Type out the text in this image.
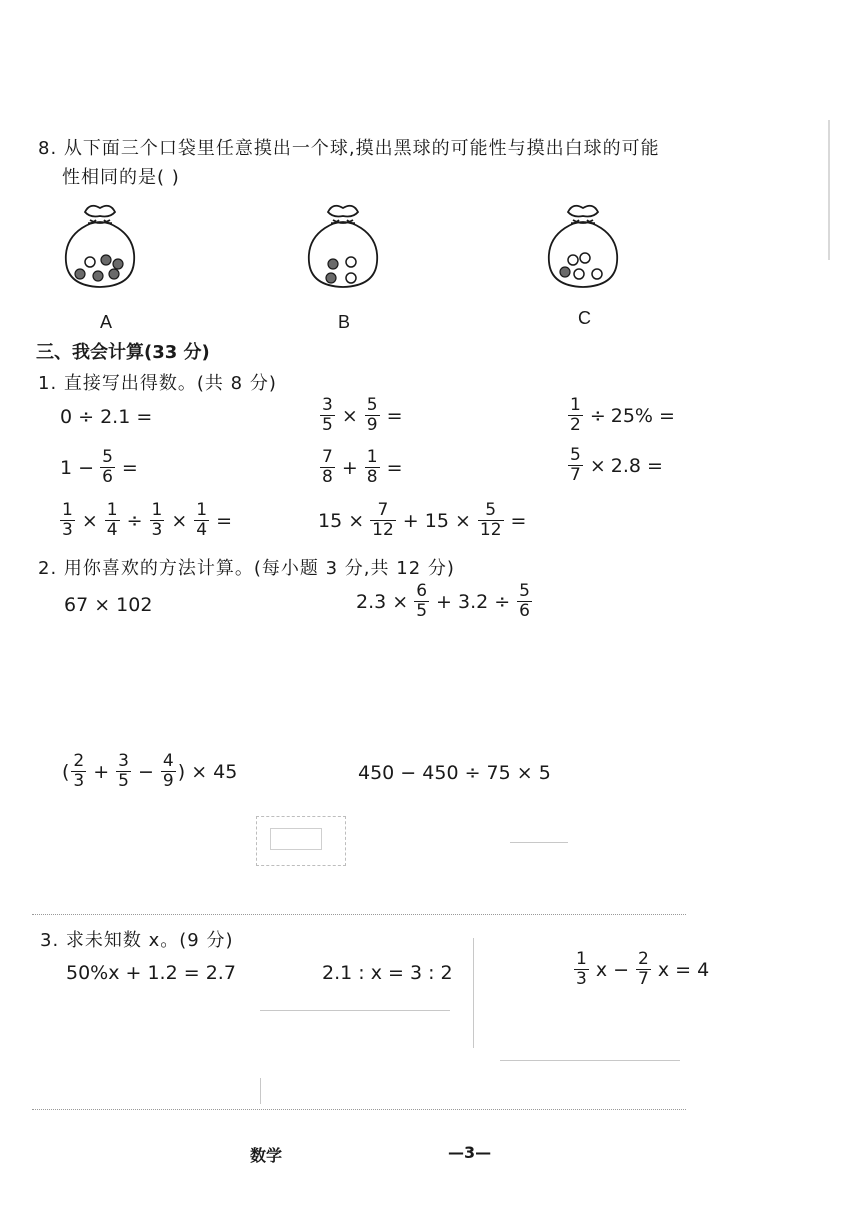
8. 从下面三个口袋里任意摸出一个球,摸出黑球的可能性与摸出白球的可能
性相同的是( )
A	B	C
三、我会计算(33 分)
1. 直接写出得数。(共 8 分)
0 ÷ 2.1 =	$\frac{3}{5} \times \frac{5}{9}$ =	$\frac{1}{2} \div 25\%$ =
$1 - \frac{5}{6}$ =	$\frac{7}{8} + \frac{1}{8}$ =	$\frac{5}{7} \times 2.8$ =
$\frac{1}{3} \times \frac{1}{4} \div \frac{1}{3} \times \frac{1}{4}$ =	$15 \times \frac{7}{12} + 15 \times \frac{5}{12}$ =
2. 用你喜欢的方法计算。(每小题 3 分,共 12 分)
67 × 102	$2.3 \times \frac{6}{5} + 3.2 \div \frac{5}{6}$
( $\frac{2}{3} + \frac{3}{5} - \frac{4}{9}$ ) × 45	450 − 450 ÷ 75 × 5
3. 求未知数 x。(9 分)
50%x + 1.2 = 2.7	2.1 : x = 3 : 2	$\frac{1}{3}$ $x - \frac{2}{7}$ x = 4
数学	—3—
